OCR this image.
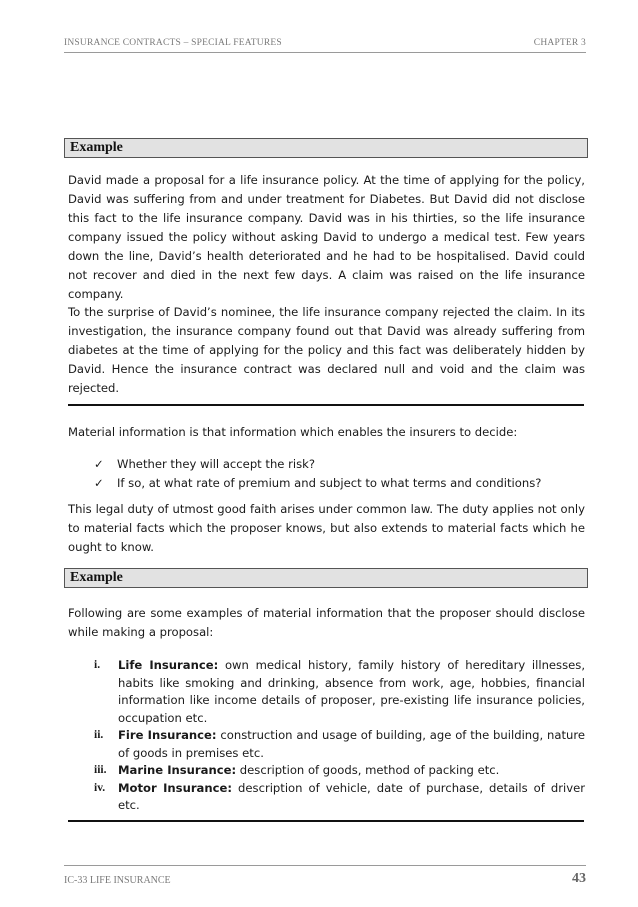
INSURANCE CONTRACTS – SPECIAL FEATURES	CHAPTER 3
Example
David made a proposal for a life insurance policy. At the time of applying for the policy, David was suffering from and under treatment for Diabetes. But David did not disclose this fact to the life insurance company. David was in his thirties, so the life insurance company issued the policy without asking David to undergo a medical test. Few years down the line, David’s health deteriorated and he had to be hospitalised. David could not recover and died in the next few days. A claim was raised on the life insurance company.
To the surprise of David’s nominee, the life insurance company rejected the claim. In its investigation, the insurance company found out that David was already suffering from diabetes at the time of applying for the policy and this fact was deliberately hidden by David. Hence the insurance contract was declared null and void and the claim was rejected.
Material information is that information which enables the insurers to decide:
✓ Whether they will accept the risk?
✓ If so, at what rate of premium and subject to what terms and conditions?
This legal duty of utmost good faith arises under common law. The duty applies not only to material facts which the proposer knows, but also extends to material facts which he ought to know.
Example
Following are some examples of material information that the proposer should disclose while making a proposal:
i. Life Insurance: own medical history, family history of hereditary illnesses, habits like smoking and drinking, absence from work, age, hobbies, financial information like income details of proposer, pre-existing life insurance policies, occupation etc.
ii. Fire Insurance: construction and usage of building, age of the building, nature of goods in premises etc.
iii. Marine Insurance: description of goods, method of packing etc.
iv. Motor Insurance: description of vehicle, date of purchase, details of driver etc.
IC-33 LIFE INSURANCE	43
